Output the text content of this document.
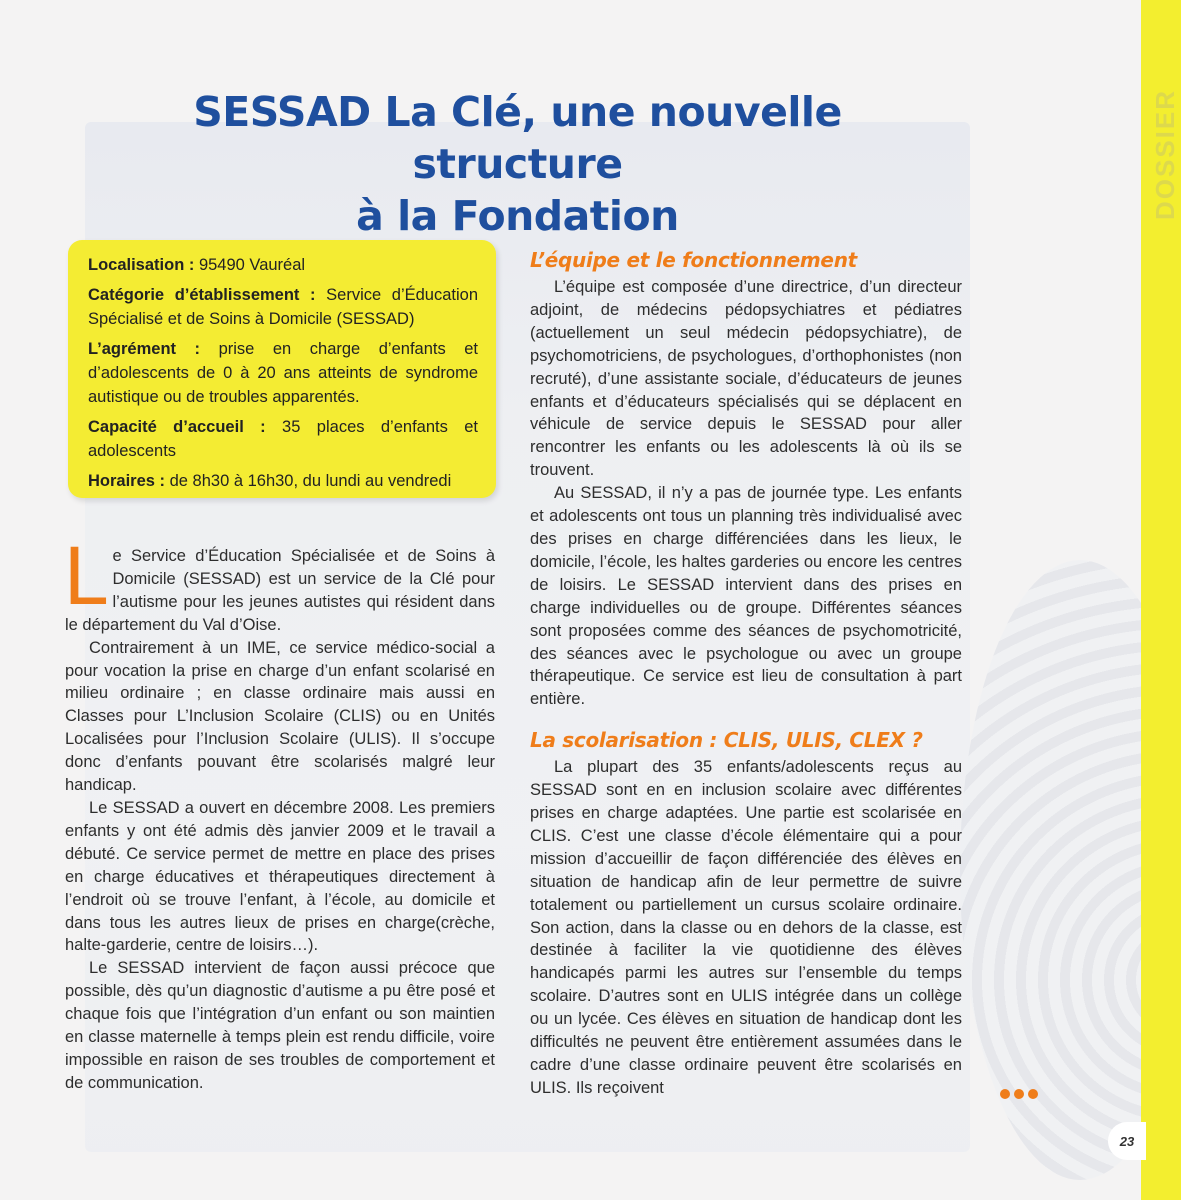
DOSSIER
SESSAD La Clé, une nouvelle structure
à la Fondation

Localisation : 95490 Vauréal

Catégorie d’établissement : Service d’Éducation Spécialisé et de Soins à Domicile (SESSAD)

L’agrément : prise en charge d’enfants et d’adolescents de 0 à 20 ans atteints de syndrome autistique ou de troubles apparentés.

Capacité d’accueil : 35 places d’enfants et adolescents

Horaires : de 8h30 à 16h30, du lundi au vendredi

Le Service d’Éducation Spécialisée et de Soins à Domicile (SESSAD) est un service de la Clé pour l’autisme pour les jeunes autistes qui résident dans le département du Val d’Oise.

Contrairement à un IME, ce service médico-social a pour vocation la prise en charge d’un enfant scolarisé en milieu ordinaire ; en classe ordinaire mais aussi en Classes pour L’Inclusion Scolaire (CLIS) ou en Unités Localisées pour l’Inclusion Scolaire (ULIS). Il s’occupe donc d’enfants pouvant être scolarisés malgré leur handicap.

Le SESSAD a ouvert en décembre 2008. Les premiers enfants y ont été admis dès janvier 2009 et le travail a débuté. Ce service permet de mettre en place des prises en charge éducatives et thérapeutiques directement à l’endroit où se trouve l’enfant, à l’école, au domicile et dans tous les autres lieux de prises en charge(crèche, halte-garderie, centre de loisirs…).

Le SESSAD intervient de façon aussi précoce que possible, dès qu’un diagnostic d’autisme a pu être posé et chaque fois que l’intégration d’un enfant ou son maintien en classe maternelle à temps plein est rendu difficile, voire impossible en raison de ses troubles de comportement et de communication.

L’équipe et le fonctionnement

L’équipe est composée d’une directrice, d’un directeur adjoint, de médecins pédopsychiatres et pédiatres (actuellement un seul médecin pédopsychiatre), de psychomotriciens, de psychologues, d’orthophonistes (non recruté), d’une assistante sociale, d’éducateurs de jeunes enfants et d’éducateurs spécialisés qui se déplacent en véhicule de service depuis le SESSAD pour aller rencontrer les enfants ou les adolescents là où ils se trouvent.

Au SESSAD, il n’y a pas de journée type. Les enfants et adolescents ont tous un planning très individualisé avec des prises en charge différenciées dans les lieux, le domicile, l’école, les haltes garderies ou encore les centres de loisirs. Le SESSAD intervient dans des prises en charge individuelles ou de groupe. Différentes séances sont proposées comme des séances de psychomotricité, des séances avec le psychologue ou avec un groupe thérapeutique. Ce service est lieu de consultation à part entière.

La scolarisation : CLIS, ULIS, CLEX ?

La plupart des 35 enfants/adolescents reçus au SESSAD sont en en inclusion scolaire avec différentes prises en charge adaptées. Une partie est scolarisée en CLIS. C’est une classe d’école élémentaire qui a pour mission d’accueillir de façon différenciée des élèves en situation de handicap afin de leur permettre de suivre totalement ou partiellement un cursus scolaire ordinaire. Son action, dans la classe ou en dehors de la classe, est destinée à faciliter la vie quotidienne des élèves handicapés parmi les autres sur l’ensemble du temps scolaire. D’autres sont en ULIS intégrée dans un collège ou un lycée. Ces élèves en situation de handicap dont les difficultés ne peuvent être entièrement assumées dans le cadre d’une classe ordinaire peuvent être scolarisés en ULIS. Ils reçoivent

23
